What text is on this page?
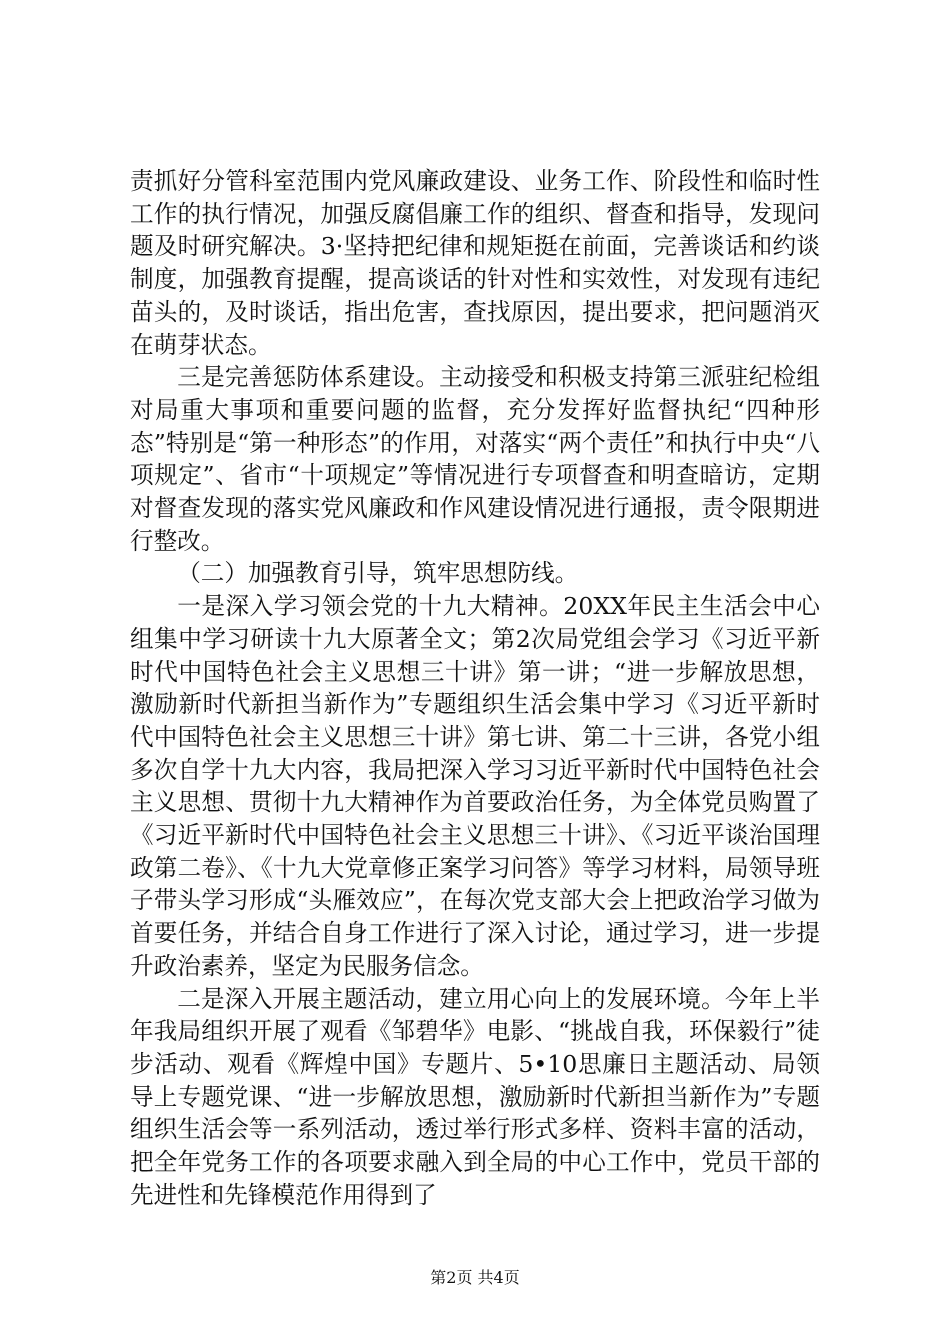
责抓好分管科室范围内党风廉政建设、业务工作、阶段性和临时性工作的执行情况，加强反腐倡廉工作的组织、督查和指导，发现问题及时研究解决。3·坚持把纪律和规矩挺在前面，完善谈话和约谈制度，加强教育提醒，提高谈话的针对性和实效性，对发现有违纪苗头的，及时谈话，指出危害，查找原因，提出要求，把问题消灭在萌芽状态。

三是完善惩防体系建设。主动接受和积极支持第三派驻纪检组对局重大事项和重要问题的监督，充分发挥好监督执纪“四种形态”特别是“第一种形态”的作用，对落实“两个责任”和执行中央“八项规定”、省市“十项规定”等情况进行专项督查和明查暗访，定期对督查发现的落实党风廉政和作风建设情况进行通报，责令限期进行整改。

（二）加强教育引导，筑牢思想防线。

一是深入学习领会党的十九大精神。20XX年民主生活会中心组集中学习研读十九大原著全文；第2次局党组会学习《习近平新时代中国特色社会主义思想三十讲》第一讲；“进一步解放思想，激励新时代新担当新作为”专题组织生活会集中学习《习近平新时代中国特色社会主义思想三十讲》第七讲、第二十三讲，各党小组多次自学十九大内容，我局把深入学习习近平新时代中国特色社会主义思想、贯彻十九大精神作为首要政治任务，为全体党员购置了《习近平新时代中国特色社会主义思想三十讲》、《习近平谈治国理政第二卷》、《十九大党章修正案学习问答》等学习材料，局领导班子带头学习形成“头雁效应”，在每次党支部大会上把政治学习做为首要任务，并结合自身工作进行了深入讨论，通过学习，进一步提升政治素养，坚定为民服务信念。

二是深入开展主题活动，建立用心向上的发展环境。今年上半年我局组织开展了观看《邹碧华》电影、“挑战自我，环保毅行”徒步活动、观看《辉煌中国》专题片、5•10思廉日主题活动、局领导上专题党课、“进一步解放思想，激励新时代新担当新作为”专题组织生活会等一系列活动，透过举行形式多样、资料丰富的活动，把全年党务工作的各项要求融入到全局的中心工作中，党员干部的先进性和先锋模范作用得到了

第2页 共4页
